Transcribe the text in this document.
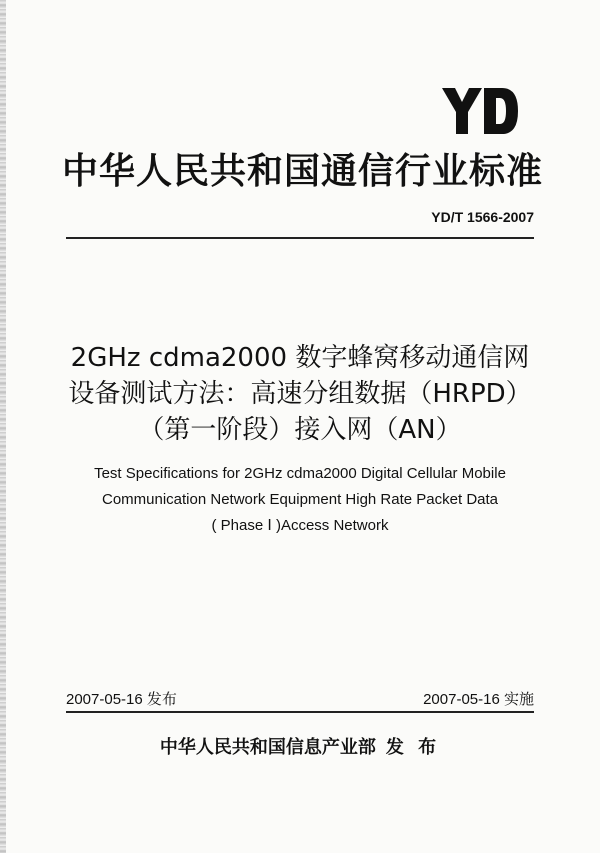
中华人民共和国通信行业标准
YD/T 1566-2007
2GHz cdma2000 数字蜂窝移动通信网
设备测试方法：高速分组数据（HRPD）
（第一阶段）接入网（AN）
Test Specifications for 2GHz cdma2000 Digital Cellular Mobile
Communication Network Equipment High Rate Packet Data
( Phase Ⅰ )Access Network
2007-05-16 发布	2007-05-16 实施
中华人民共和国信息产业部 发 布
